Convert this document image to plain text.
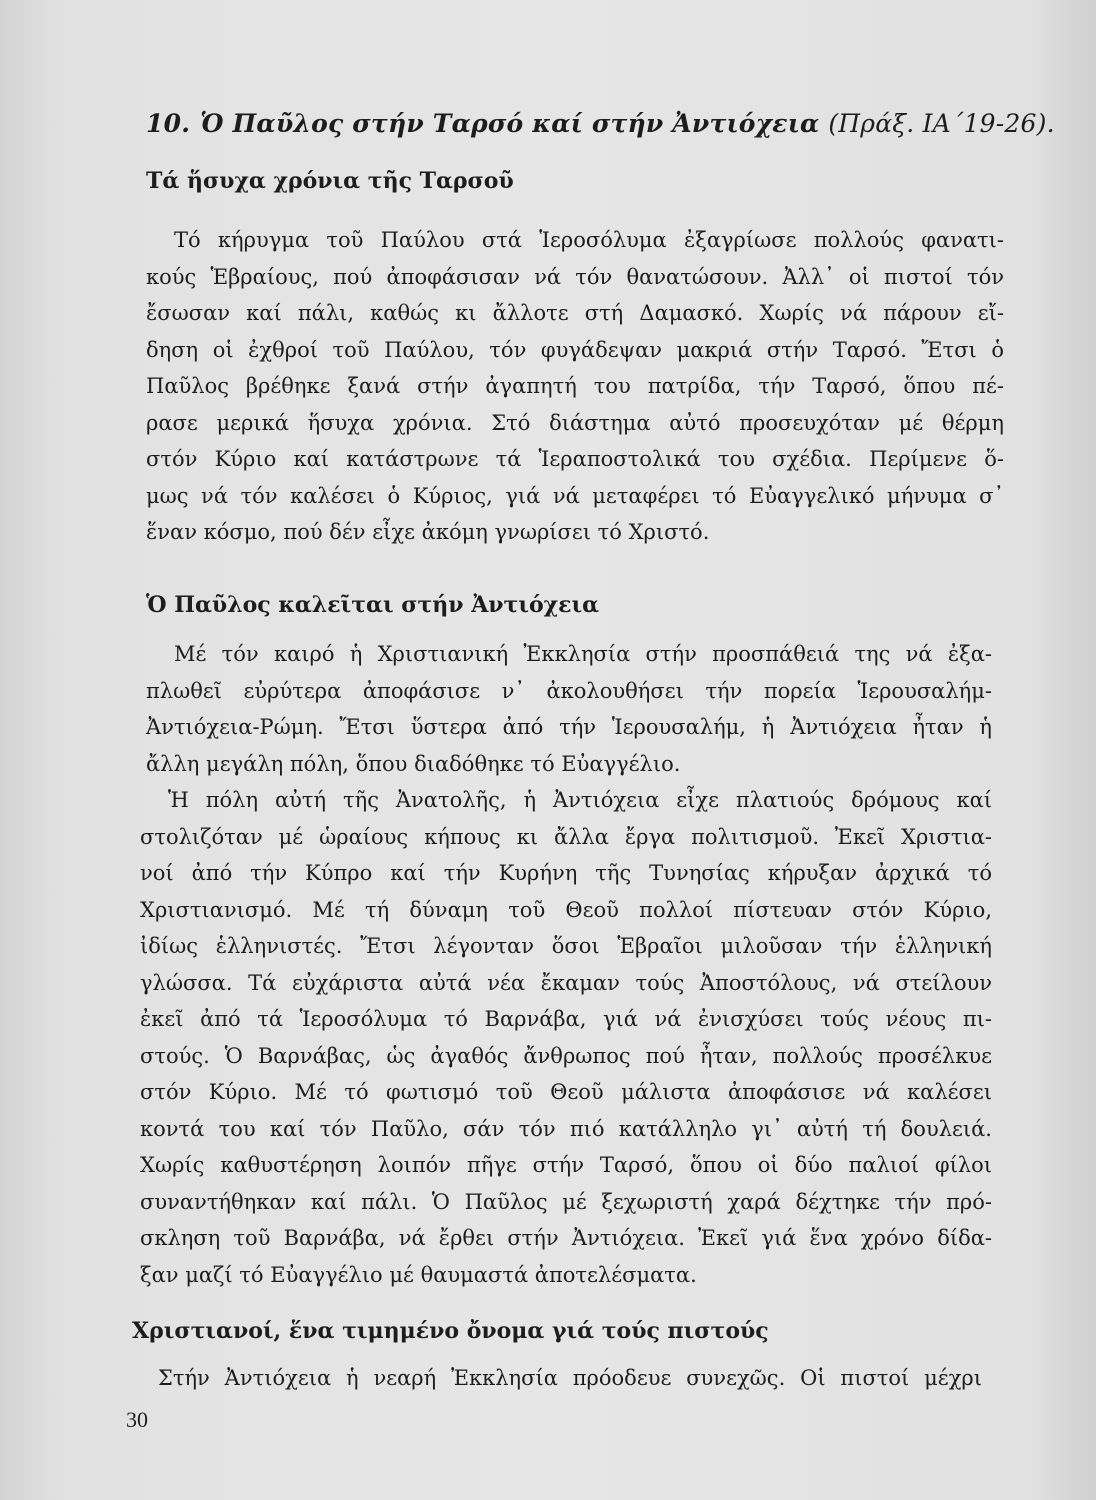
10. Ὁ Παῦλος στήν Ταρσό καί στήν Ἀντιόχεια (Πράξ. ΙΑ΄19-26).
Τά ἥσυχα χρόνια τῆς Ταρσοῦ
Τό κήρυγμα τοῦ Παύλου στά Ἱεροσόλυμα ἐξαγρίωσε πολλούς φανατι-
κούς Ἑβραίους, πού ἀποφάσισαν νά τόν θανατώσουν. Ἀλλ᾿ οἱ πιστοί τόν
ἔσωσαν καί πάλι, καθώς κι ἄλλοτε στή Δαμασκό. Χωρίς νά πάρουν εἴ-
δηση οἱ ἐχθροί τοῦ Παύλου, τόν φυγάδεψαν μακριά στήν Ταρσό. Ἔτσι ὁ
Παῦλος βρέθηκε ξανά στήν ἀγαπητή του πατρίδα, τήν Ταρσό, ὅπου πέ-
ρασε μερικά ἥσυχα χρόνια. Στό διάστημα αὐτό προσευχόταν μέ θέρμη
στόν Κύριο καί κατάστρωνε τά Ἱεραποστολικά του σχέδια. Περίμενε ὅ-
μως νά τόν καλέσει ὁ Κύριος, γιά νά μεταφέρει τό Εὐαγγελικό μήνυμα σ᾿
ἕναν κόσμο, πού δέν εἶχε ἀκόμη γνωρίσει τό Χριστό.
Ὁ Παῦλος καλεῖται στήν Ἀντιόχεια
Μέ τόν καιρό ἡ Χριστιανική Ἐκκλησία στήν προσπάθειά της νά ἐξα-
πλωθεῖ εὐρύτερα ἀποφάσισε ν᾿ ἀκολουθήσει τήν πορεία Ἱερουσαλήμ-
Ἀντιόχεια-Ρώμη. Ἔτσι ὕστερα ἀπό τήν Ἱερουσαλήμ, ἡ Ἀντιόχεια ἦταν ἡ
ἄλλη μεγάλη πόλη, ὅπου διαδόθηκε τό Εὐαγγέλιο.
Ἡ πόλη αὐτή τῆς Ἀνατολῆς, ἡ Ἀντιόχεια εἶχε πλατιούς δρόμους καί
στολιζόταν μέ ὡραίους κήπους κι ἄλλα ἔργα πολιτισμοῦ. Ἐκεῖ Χριστια-
νοί ἀπό τήν Κύπρο καί τήν Κυρήνη τῆς Τυνησίας κήρυξαν ἀρχικά τό
Χριστιανισμό. Μέ τή δύναμη τοῦ Θεοῦ πολλοί πίστευαν στόν Κύριο,
ἰδίως ἑλληνιστές. Ἔτσι λέγονταν ὅσοι Ἑβραῖοι μιλοῦσαν τήν ἑλληνική
γλώσσα. Τά εὐχάριστα αὐτά νέα ἔκαμαν τούς Ἀποστόλους, νά στείλουν
ἐκεῖ ἀπό τά Ἱεροσόλυμα τό Βαρνάβα, γιά νά ἐνισχύσει τούς νέους πι-
στούς. Ὁ Βαρνάβας, ὡς ἀγαθός ἄνθρωπος πού ἦταν, πολλούς προσέλκυε
στόν Κύριο. Μέ τό φωτισμό τοῦ Θεοῦ μάλιστα ἀποφάσισε νά καλέσει
κοντά του καί τόν Παῦλο, σάν τόν πιό κατάλληλο γι᾿ αὐτή τή δουλειά.
Χωρίς καθυστέρηση λοιπόν πῆγε στήν Ταρσό, ὅπου οἱ δύο παλιοί φίλοι
συναντήθηκαν καί πάλι. Ὁ Παῦλος μέ ξεχωριστή χαρά δέχτηκε τήν πρό-
σκληση τοῦ Βαρνάβα, νά ἔρθει στήν Ἀντιόχεια. Ἐκεῖ γιά ἕνα χρόνο δίδα-
ξαν μαζί τό Εὐαγγέλιο μέ θαυμαστά ἀποτελέσματα.
Χριστιανοί, ἕνα τιμημένο ὄνομα γιά τούς πιστούς
Στήν Ἀντιόχεια ἡ νεαρή Ἐκκλησία πρόοδευε συνεχῶς. Οἱ πιστοί μέχρι

30
